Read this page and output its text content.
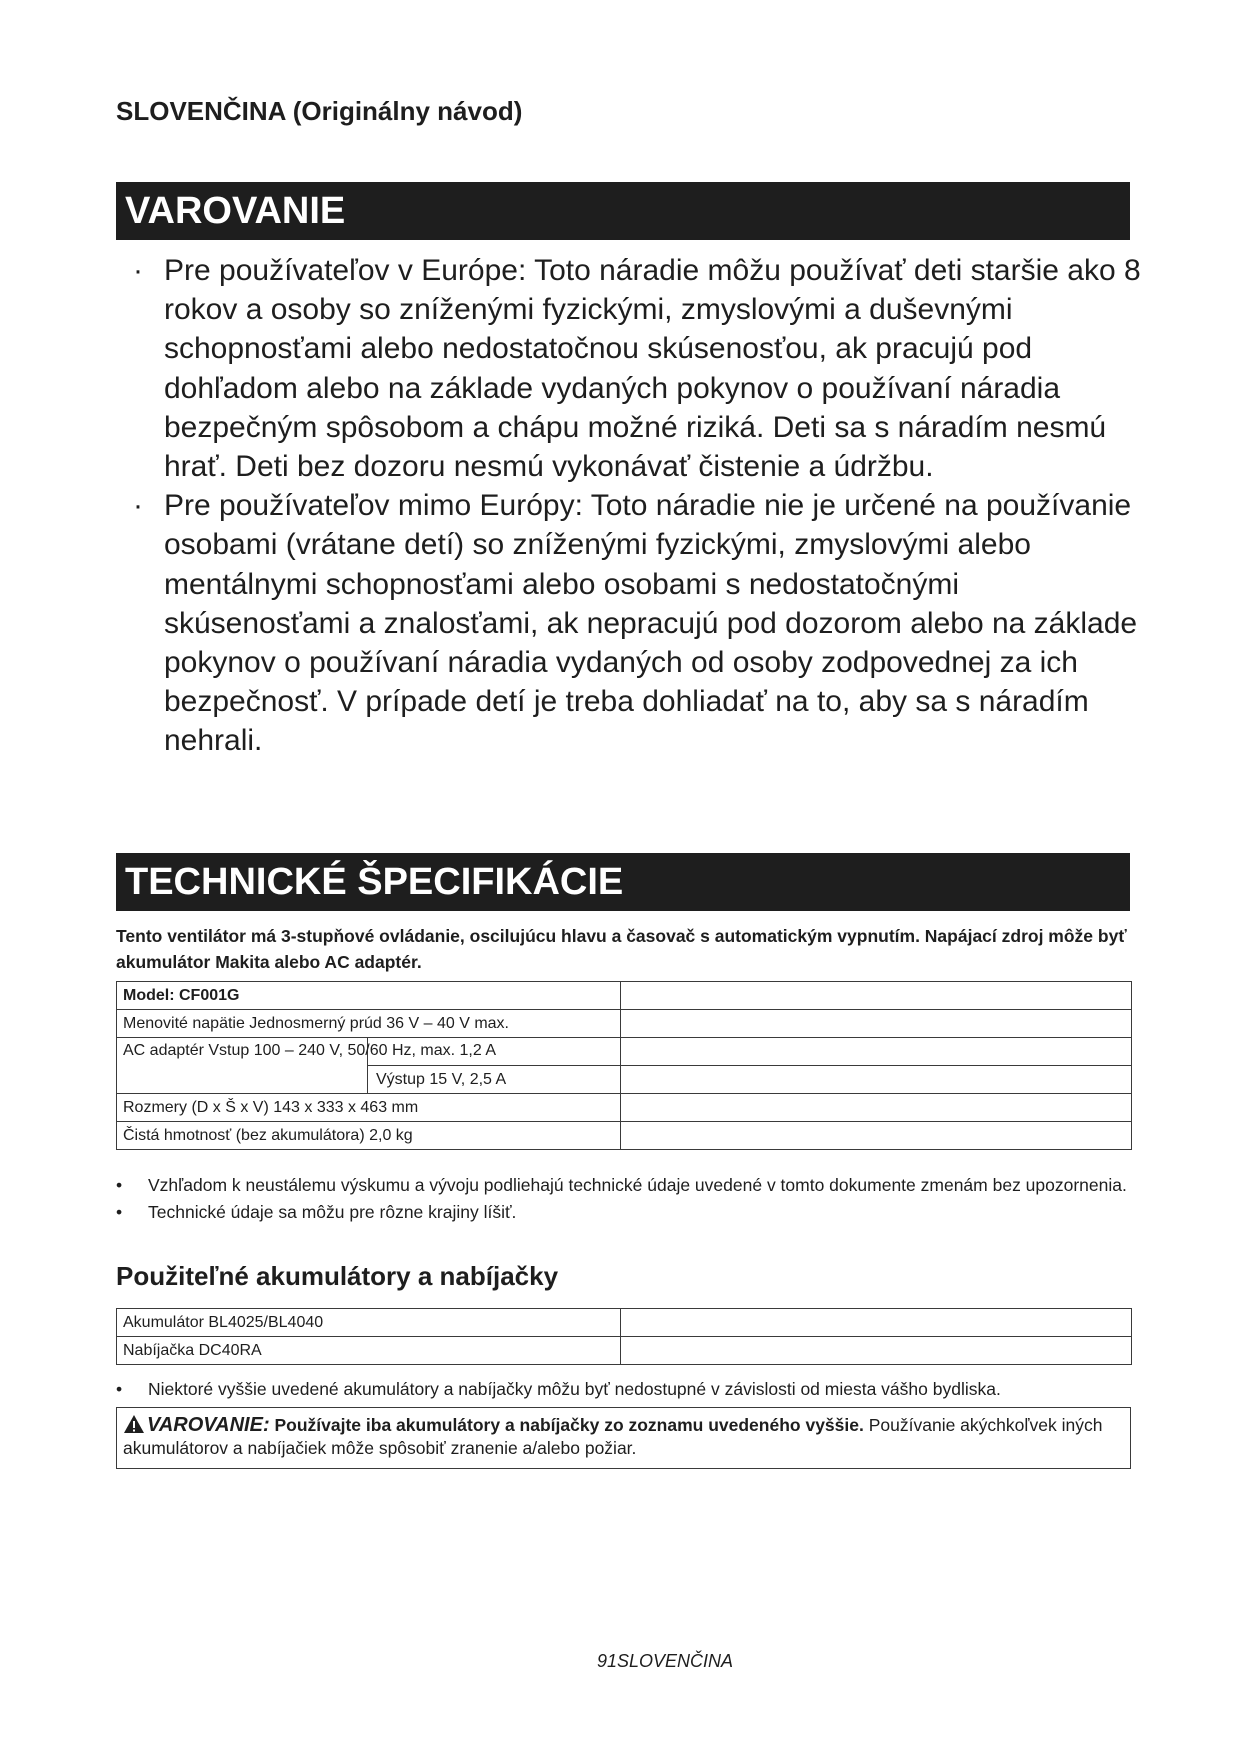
SLOVENČINA (Originálny návod)
VAROVANIE
· Pre používateľov v Európe: Toto náradie môžu používať deti staršie ako 8 rokov a osoby so zníženými fyzickými, zmyslovými a duševnými schopnosťami alebo nedostatočnou skúsenosťou, ak pracujú pod dohľadom alebo na základe vydaných pokynov o používaní náradia bezpečným spôsobom a chápu možné riziká. Deti sa s náradím nesmú hrať. Deti bez dozoru nesmú vykonávať čistenie a údržbu.
· Pre používateľov mimo Európy: Toto náradie nie je určené na používanie osobami (vrátane detí) so zníženými fyzickými, zmyslovými alebo mentálnymi schopnosťami alebo osobami s nedostatočnými skúsenosťami a znalosťami, ak nepracujú pod dozorom alebo na základe pokynov o používaní náradia vydaných od osoby zodpovednej za ich bezpečnosť. V prípade detí je treba dohliadať na to, aby sa s náradím nehrali.
TECHNICKÉ ŠPECIFIKÁCIE
Tento ventilátor má 3-stupňové ovládanie, oscilujúcu hlavu a časovač s automatickým vypnutím. Napájací zdroj môže byť akumulátor Makita alebo AC adaptér.
Model: CF001G		
Menovité napätie Jednosmerný prúd 36 V – 40 V max.		
AC adaptér Vstup 100 – 240 V, 50/60 Hz, max. 1,2 A		
	Výstup 15 V, 2,5 A	
Rozmery (D x Š x V) 143 x 333 x 463 mm		
Čistá hmotnosť (bez akumulátora) 2,0 kg		
• Vzhľadom k neustálemu výskumu a vývoju podliehajú technické údaje uvedené v tomto dokumente zmenám bez upozornenia.
• Technické údaje sa môžu pre rôzne krajiny líšiť.
Použiteľné akumulátory a nabíjačky
Akumulátor BL4025/BL4040	
Nabíjačka DC40RA	
• Niektoré vyššie uvedené akumulátory a nabíjačky môžu byť nedostupné v závislosti od miesta vášho bydliska.
VAROVANIE: Používajte iba akumulátory a nabíjačky zo zoznamu uvedeného vyššie. Používanie akýchkoľvek iných akumulátorov a nabíjačiek môže spôsobiť zranenie a/alebo požiar.
91SLOVENČINA
